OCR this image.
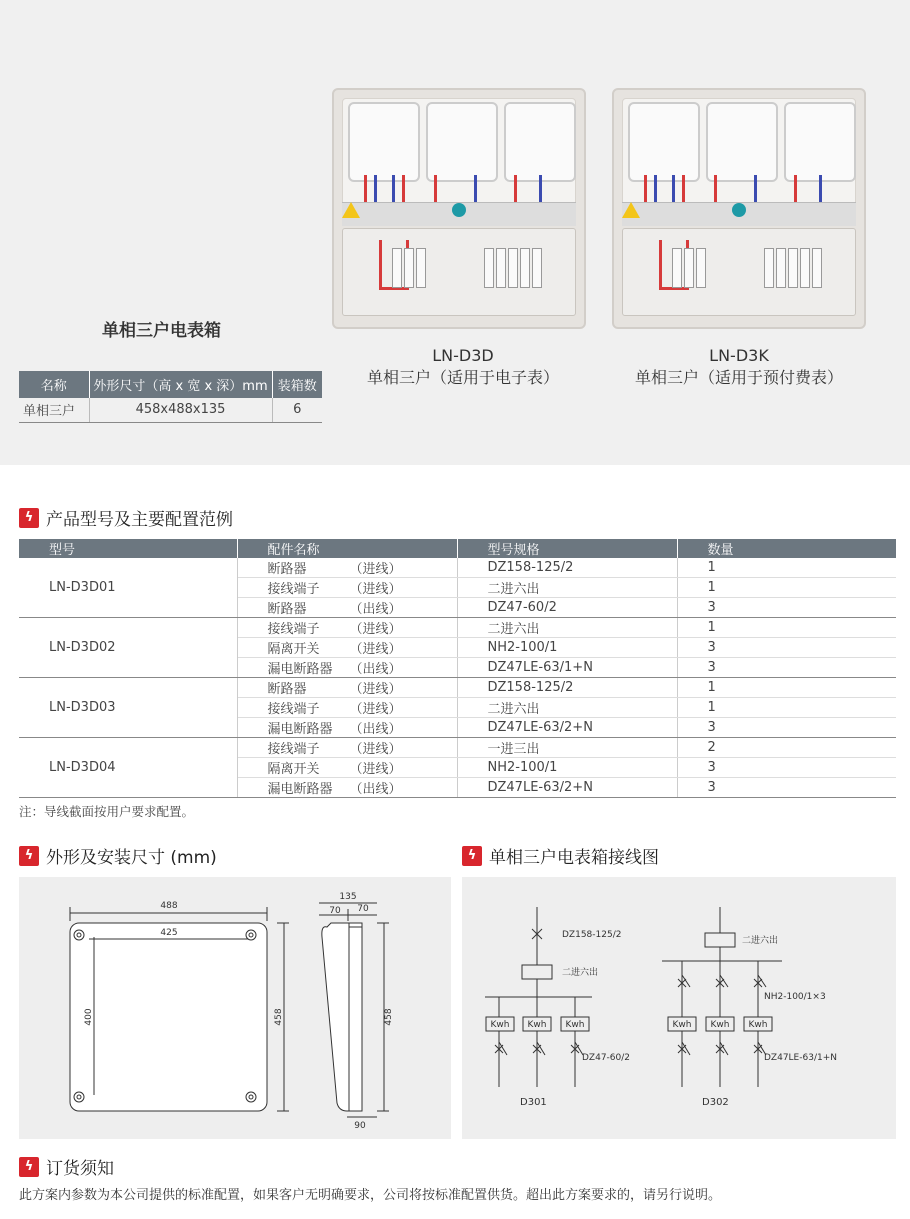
单相三户电表箱
名称	外形尺寸（高 x 宽 x 深）mm	装箱数
单相三户	458x488x135	6
LN-D3D
单相三户（适用于电子表）
LN-D3K
单相三户（适用于预付费表）
ϟ 产品型号及主要配置范例
型号	配件名称	型号规格	数量
LN-D3D01	断路器 （进线）	DZ158-125/2	1
	接线端子 （进线）	二进六出	1
	断路器 （出线）	DZ47-60/2	3
LN-D3D02	接线端子 （进线）	二进六出	1
	隔离开关 （进线）	NH2-100/1	3
	漏电断路器 （出线）	DZ47LE-63/1+N	3
LN-D3D03	断路器 （进线）	DZ158-125/2	1
	接线端子 （进线）	二进六出	1
	漏电断路器 （出线）	DZ47LE-63/2+N	3
LN-D3D04	接线端子 （进线）	一进三出	2
	隔离开关 （进线）	NH2-100/1	3
	漏电断路器 （出线）	DZ47LE-63/2+N	3
注：导线截面按用户要求配置。
ϟ 外形及安装尺寸 (mm)
488
425
400	458
135
70 70
458
90
ϟ 单相三户电表箱接线图
DZ158-125/2
二进六出
Kwh Kwh Kwh
DZ47-60/2
D301
二进六出
NH2-100/1×3
Kwh Kwh Kwh
DZ47LE-63/1+N
D302
ϟ 订货须知
此方案内参数为本公司提供的标准配置，如果客户无明确要求，公司将按标准配置供货。超出此方案要求的，请另行说明。
